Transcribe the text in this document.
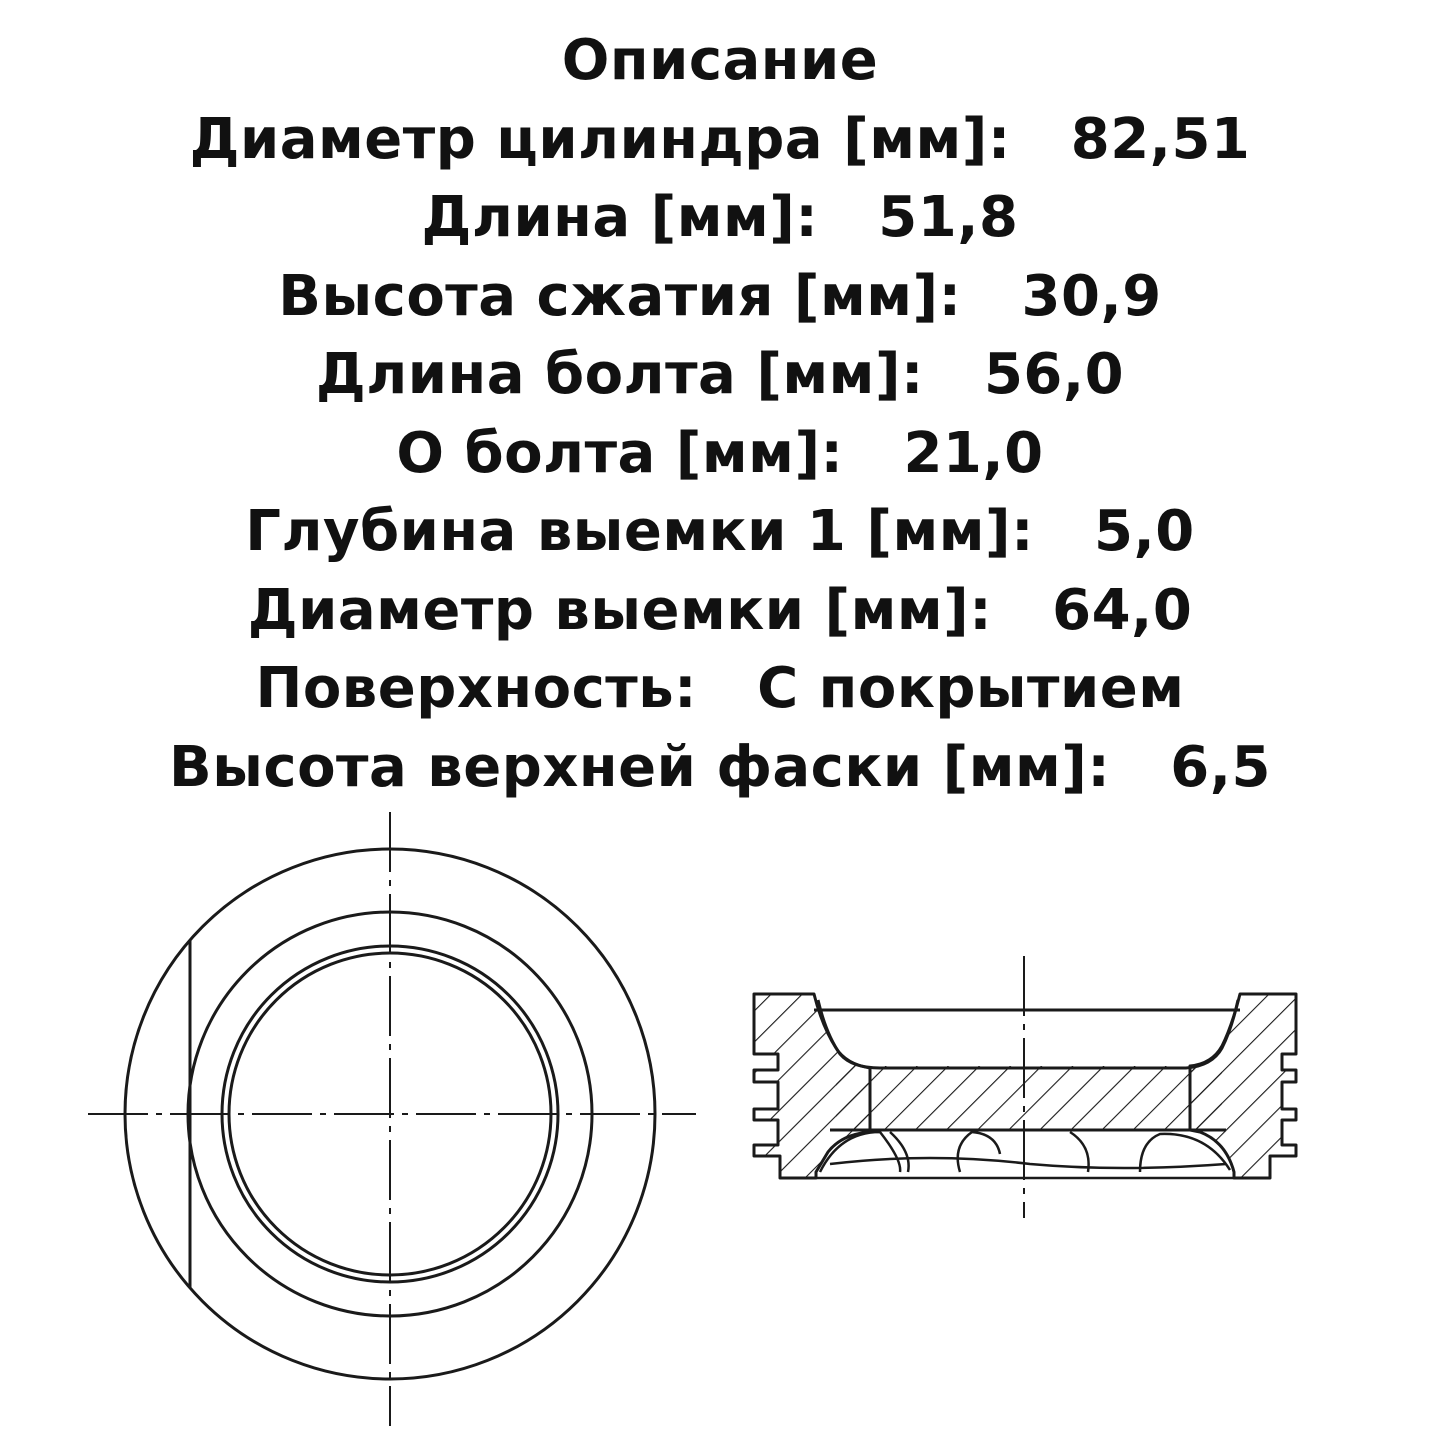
Описание
Диаметр цилиндра [мм]: 82,51
Длина [мм]: 51,8
Высота сжатия [мм]: 30,9
Длина болта [мм]: 56,0
О болта [мм]: 21,0
Глубина выемки 1 [мм]: 5,0
Диаметр выемки [мм]: 64,0
Поверхность: С покрытием
Высота верхней фаски [мм]: 6,5
